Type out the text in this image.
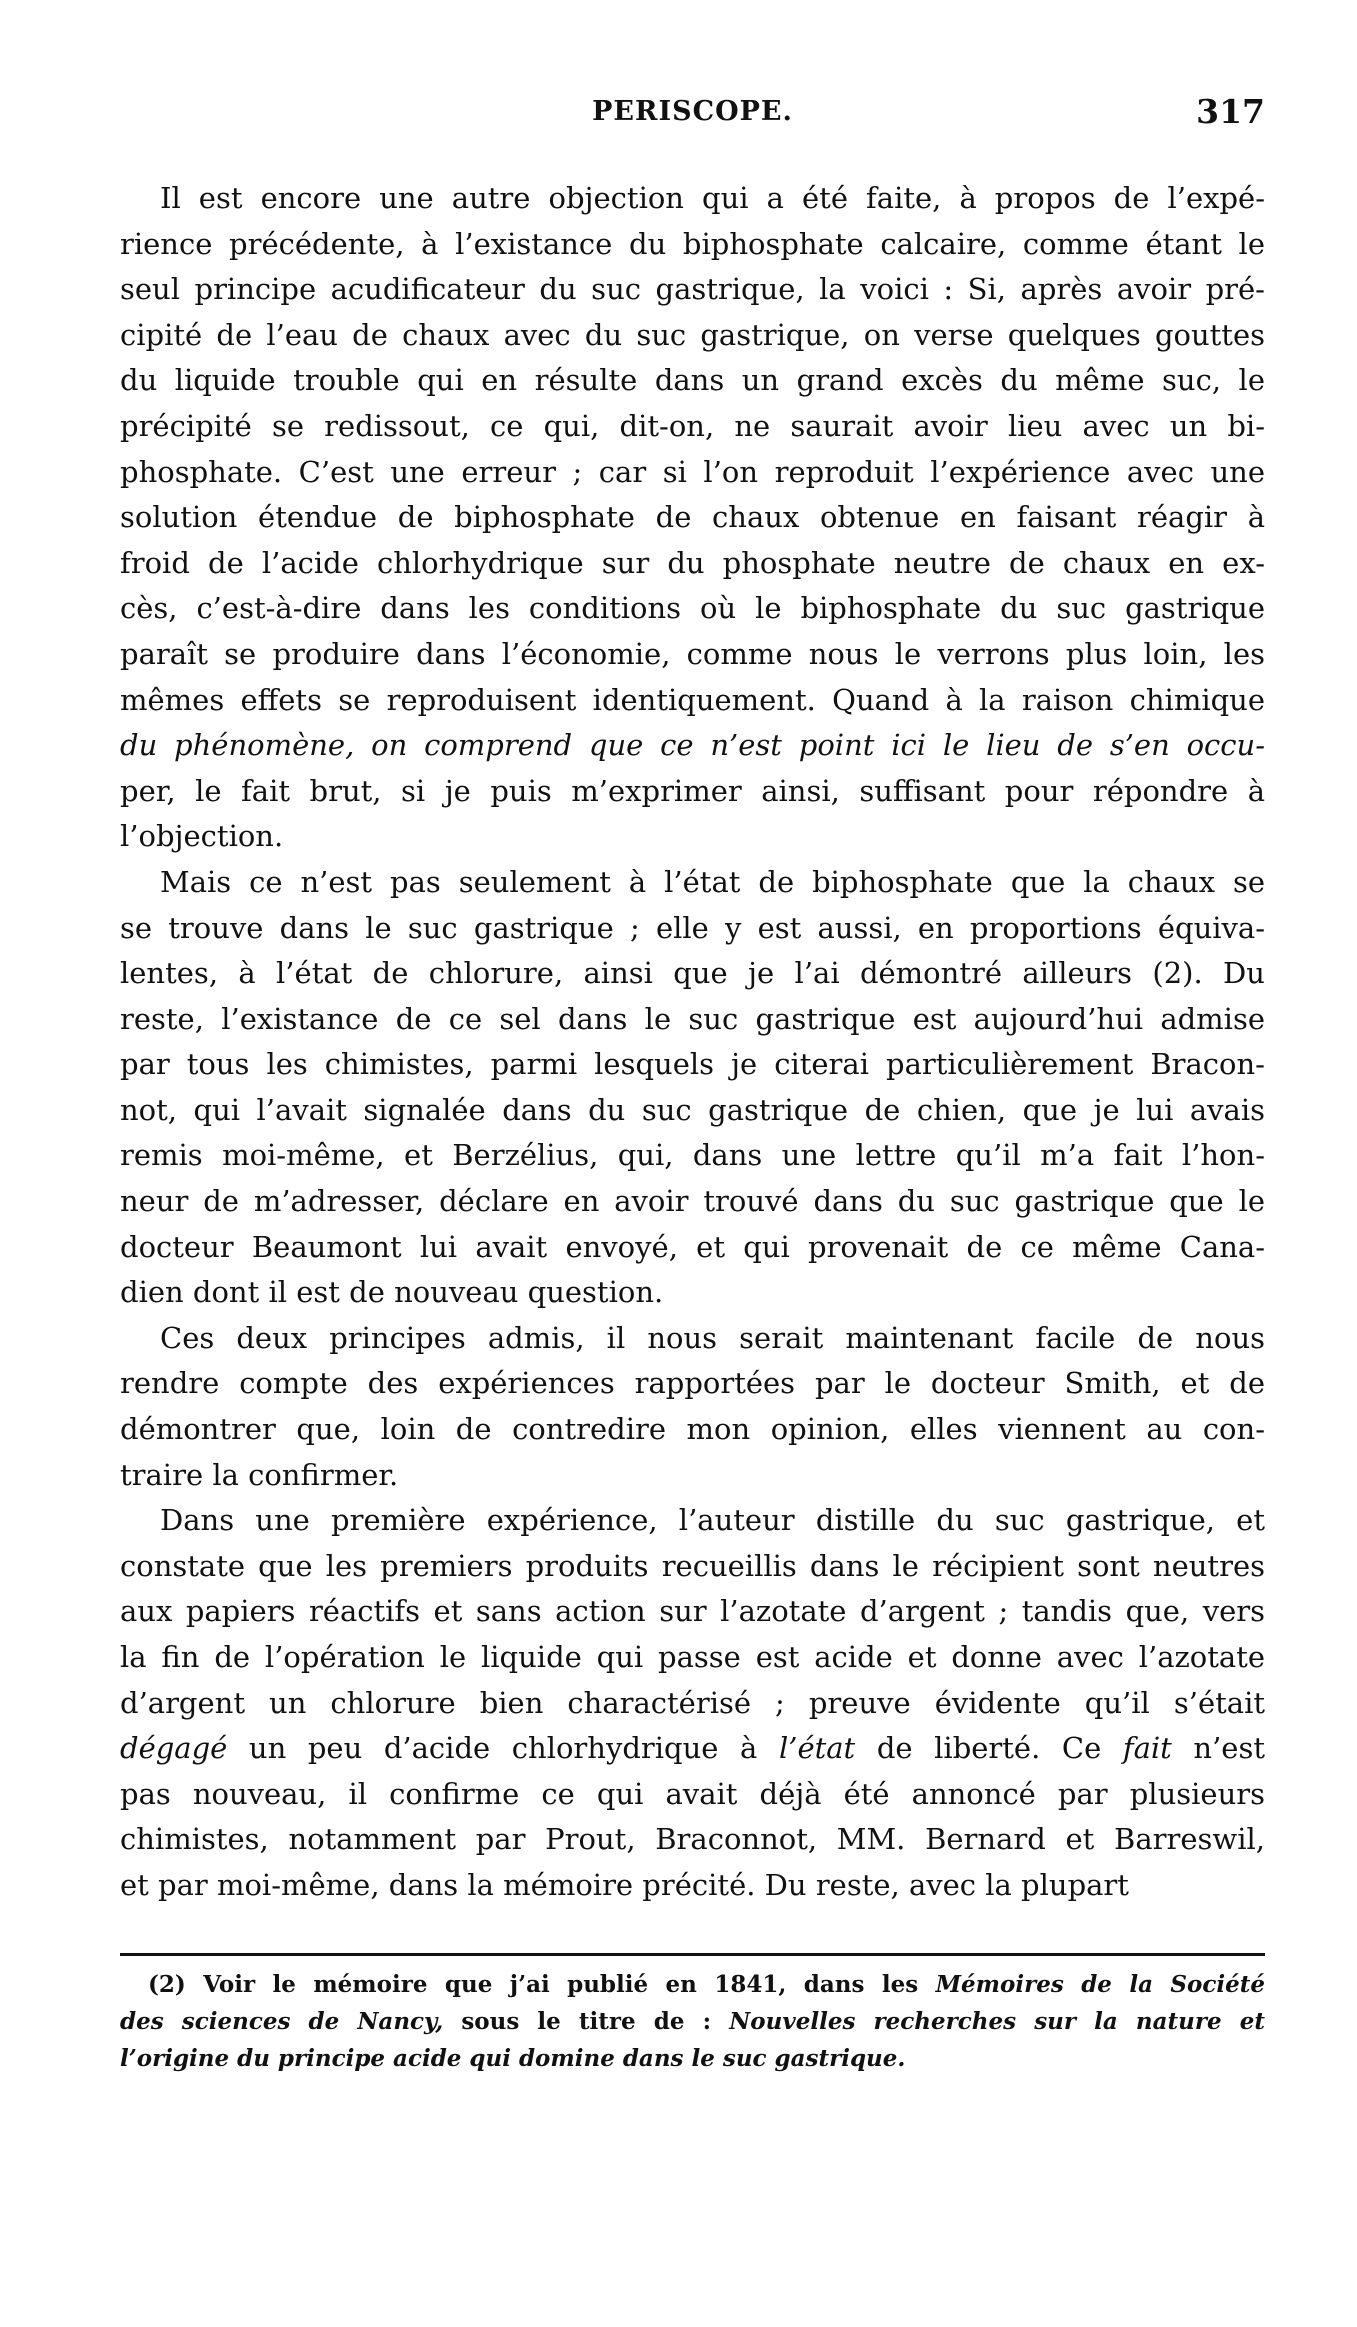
PERISCOPE.	317
Il est encore une autre objection qui a été faite, à propos de l’expé-
rience précédente, à l’existance du biphosphate calcaire, comme étant le
seul principe acudificateur du suc gastrique, la voici : Si, après avoir pré-
cipité de l’eau de chaux avec du suc gastrique, on verse quelques gouttes
du liquide trouble qui en résulte dans un grand excès du même suc, le
précipité se redissout, ce qui, dit-on, ne saurait avoir lieu avec un bi-
phosphate. C’est une erreur ; car si l’on reproduit l’expérience avec une
solution étendue de biphosphate de chaux obtenue en faisant réagir à
froid de l’acide chlorhydrique sur du phosphate neutre de chaux en ex-
cès, c’est-à-dire dans les conditions où le biphosphate du suc gastrique
paraît se produire dans l’économie, comme nous le verrons plus loin, les
mêmes effets se reproduisent identiquement. Quand à la raison chimique
du phénomène, on comprend que ce n’est point ici le lieu de s’en occu-
per, le fait brut, si je puis m’exprimer ainsi, suffisant pour répondre à
l’objection.
Mais ce n’est pas seulement à l’état de biphosphate que la chaux se
se trouve dans le suc gastrique ; elle y est aussi, en proportions équiva-
lentes, à l’état de chlorure, ainsi que je l’ai démontré ailleurs (2). Du
reste, l’existance de ce sel dans le suc gastrique est aujourd’hui admise
par tous les chimistes, parmi lesquels je citerai particulièrement Bracon-
not, qui l’avait signalée dans du suc gastrique de chien, que je lui avais
remis moi-même, et Berzélius, qui, dans une lettre qu’il m’a fait l’hon-
neur de m’adresser, déclare en avoir trouvé dans du suc gastrique que le
docteur Beaumont lui avait envoyé, et qui provenait de ce même Cana-
dien dont il est de nouveau question.
Ces deux principes admis, il nous serait maintenant facile de nous
rendre compte des expériences rapportées par le docteur Smith, et de
démontrer que, loin de contredire mon opinion, elles viennent au con-
traire la confirmer.
Dans une première expérience, l’auteur distille du suc gastrique, et
constate que les premiers produits recueillis dans le récipient sont neutres
aux papiers réactifs et sans action sur l’azotate d’argent ; tandis que, vers
la fin de l’opération le liquide qui passe est acide et donne avec l’azotate
d’argent un chlorure bien charactérisé ; preuve évidente qu’il s’était
dégagé un peu d’acide chlorhydrique à l’état de liberté. Ce fait n’est
pas nouveau, il confirme ce qui avait déjà été annoncé par plusieurs
chimistes, notamment par Prout, Braconnot, MM. Bernard et Barreswil,
et par moi-même, dans la mémoire précité. Du reste, avec la plupart
(2) Voir le mémoire que j’ai publié en 1841, dans les Mémoires de la Société
des sciences de Nancy, sous le titre de : Nouvelles recherches sur la nature et
l’origine du principe acide qui domine dans le suc gastrique.
